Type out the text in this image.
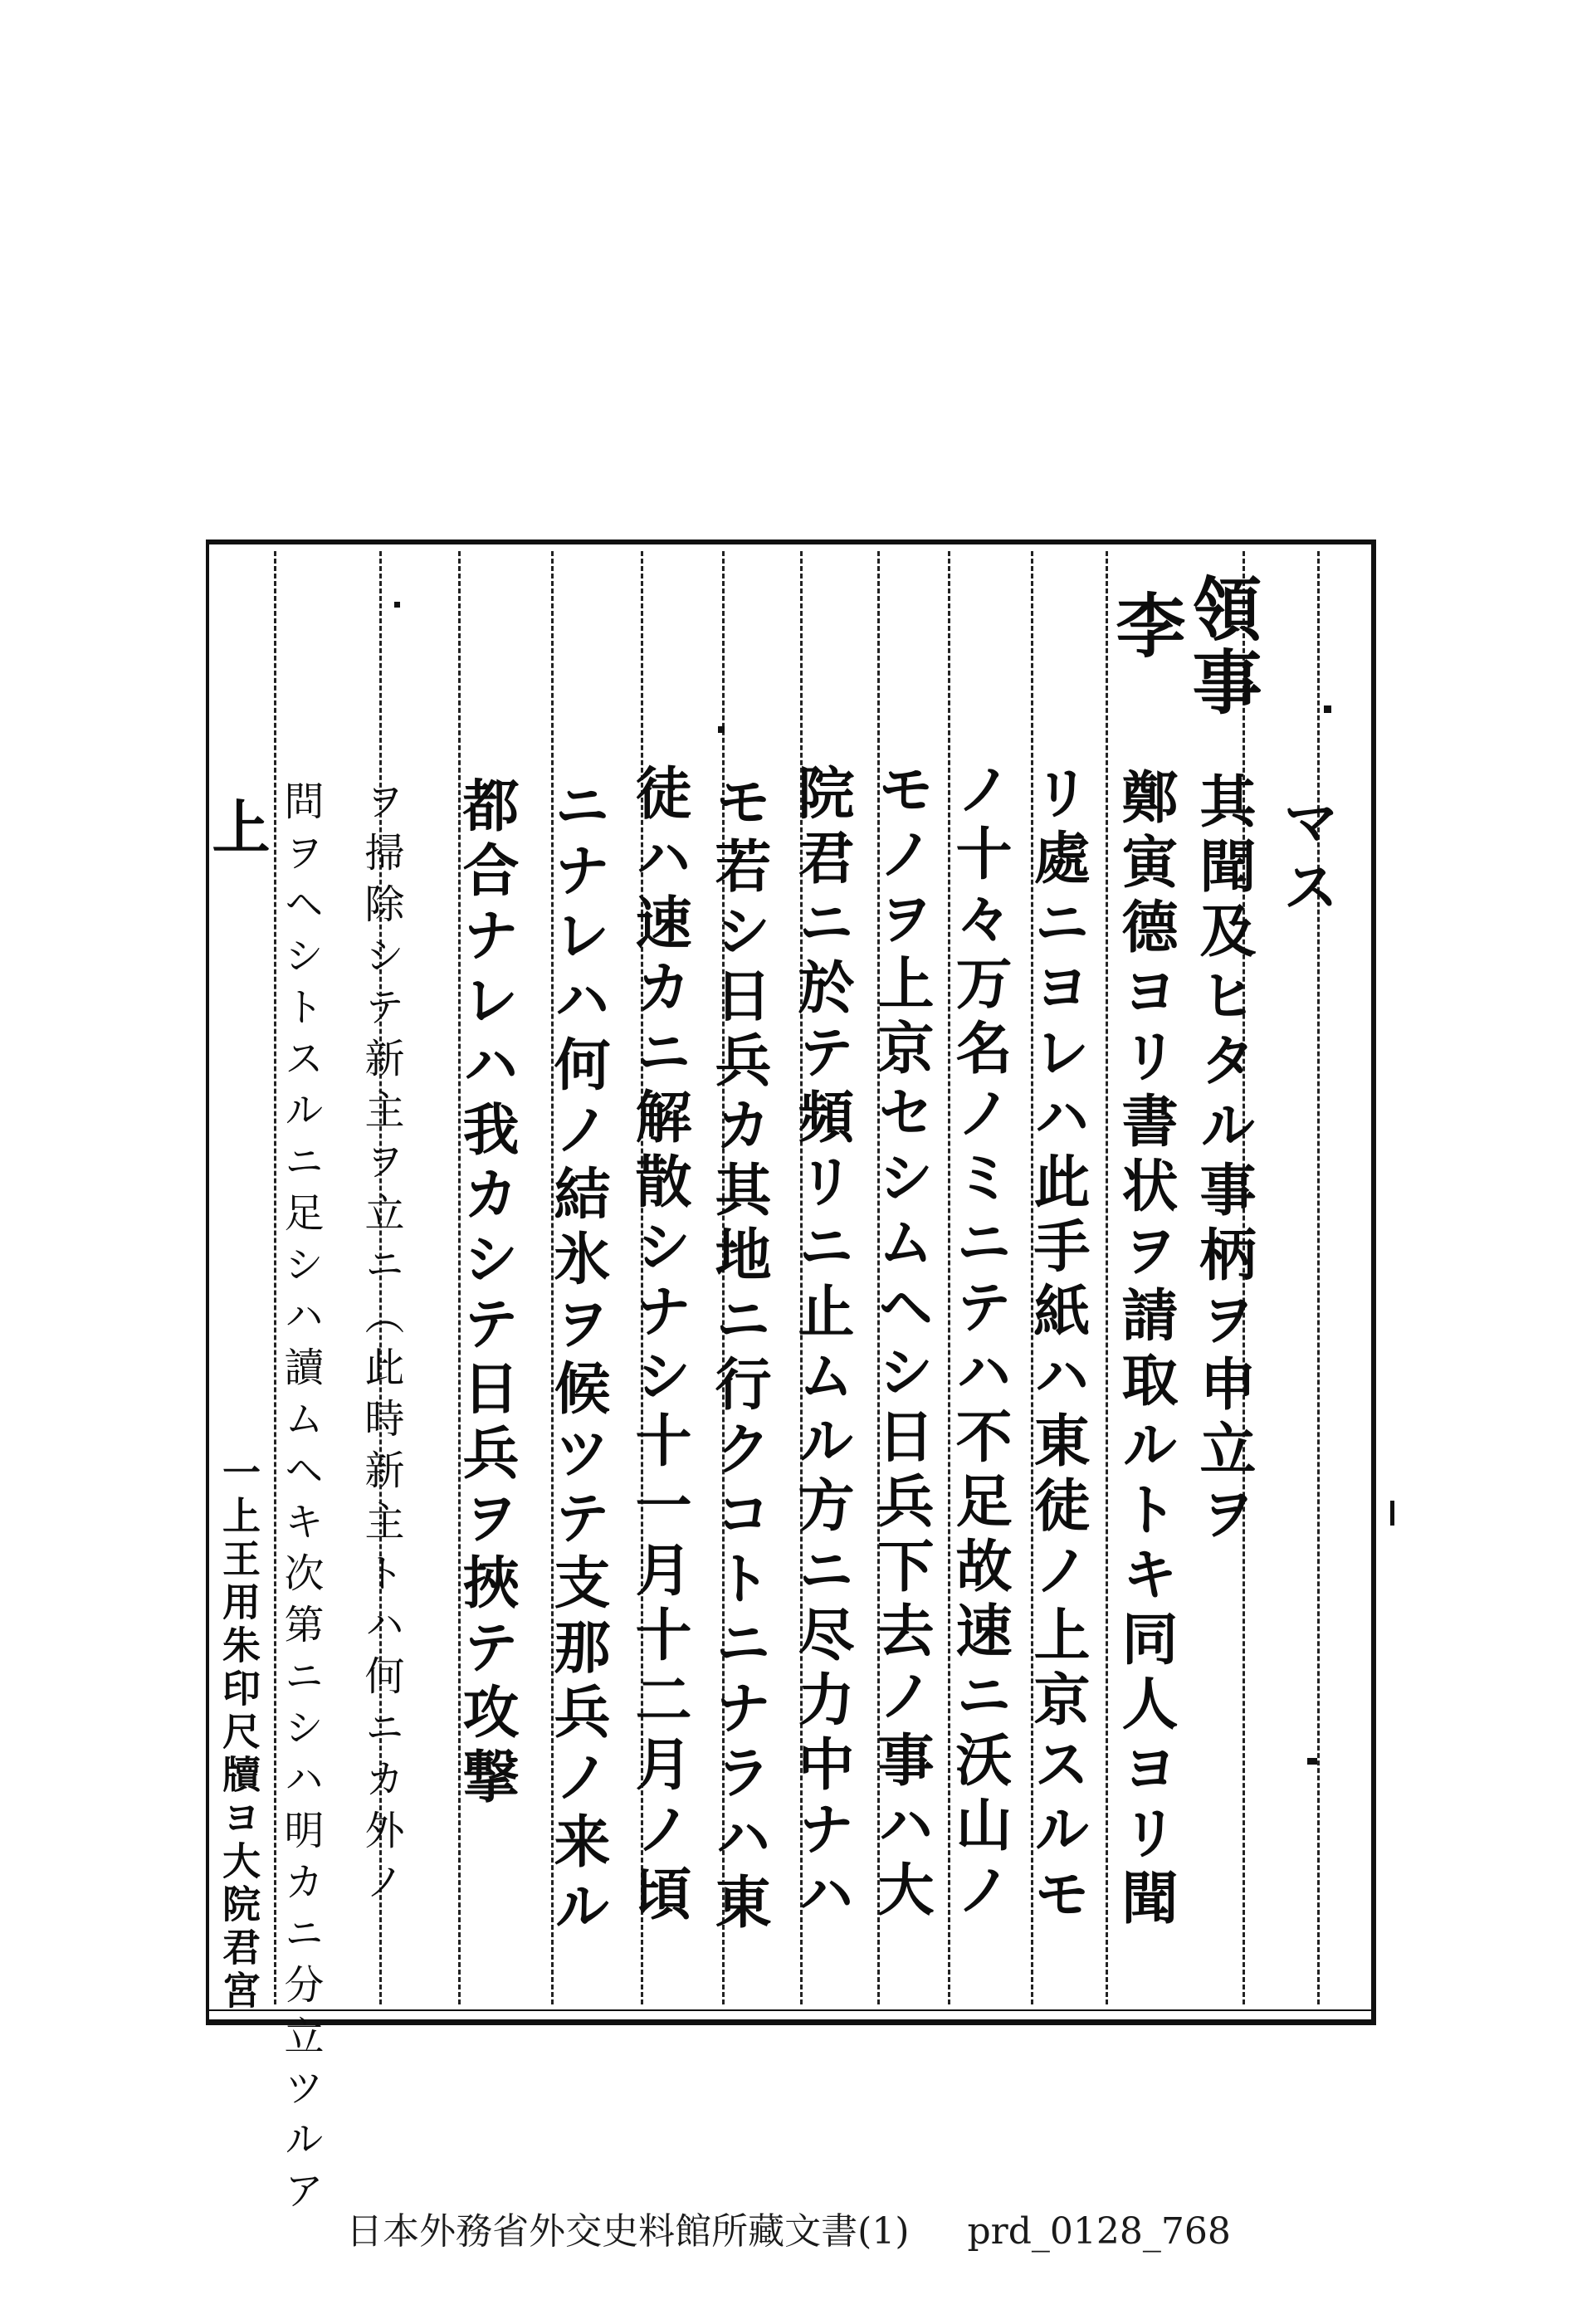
マス
領事
其聞及ヒタル事柄ヲ申立ヲ
李
鄭寅德ヨリ書状ヲ請取ルトキ同人ヨリ聞
リ處ニヨレハ此手紙ハ東徒ノ上京スルモ
ノ十々万名ノミニテハ不足故速ニ沃山ノ
モノヲ上京セシムヘシ日兵下去ノ事ハ大
院君ニ於テ頻リニ止ムル方ニ尽力中ナハ
モ若シ日兵カ其地ニ行クコトニナラハ東
徒ハ速カニ解散シナシ十一月十二月ノ頃
ニナレハ何ノ結氷ヲ候ツテ支那兵ノ来ル
都合ナレハ我カシテ日兵ヲ挾テ攻撃
ヲ掃除シテ新主ヲ立ニ（此時新主トハ何ニカ外ノ
問ヲヘシトスルニ足シハ讀ムヘキ次第ニシハ明カニ分立ツルア
一上王用朱印尺牘ヨ大院君宮
上
日本外務省外交史料館所藏文書(1) prd_0128_768
